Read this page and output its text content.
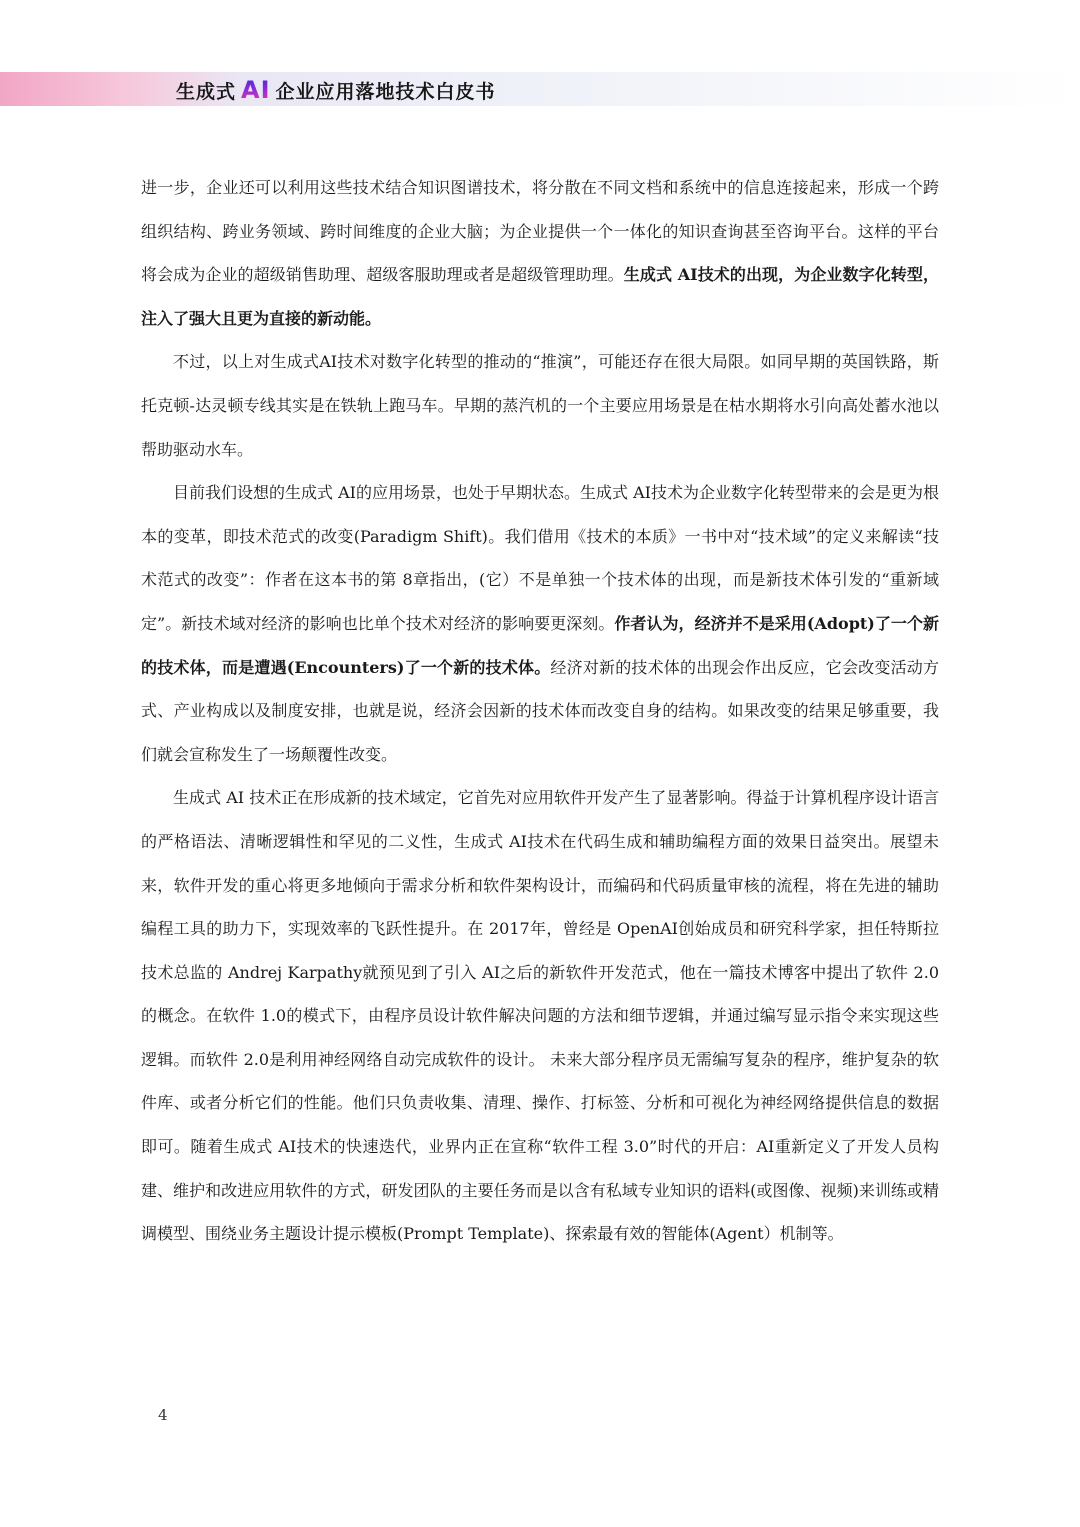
生成式 AI 企业应用落地技术白皮书

进一步，企业还可以利用这些技术结合知识图谱技术，将分散在不同文档和系统中的信息连接起来，形成一个跨组织结构、跨业务领域、跨时间维度的企业大脑；为企业提供一个一体化的知识查询甚至咨询平台。这样的平台将会成为企业的超级销售助理、超级客服助理或者是超级管理助理。生成式 AI技术的出现，为企业数字化转型，注入了强大且更为直接的新动能。

不过，以上对生成式AI技术对数字化转型的推动的“推演”，可能还存在很大局限。如同早期的英国铁路，斯托克顿-达灵顿专线其实是在铁轨上跑马车。早期的蒸汽机的一个主要应用场景是在枯水期将水引向高处蓄水池以帮助驱动水车。

目前我们设想的生成式 AI的应用场景，也处于早期状态。生成式 AI技术为企业数字化转型带来的会是更为根本的变革，即技术范式的改变(Paradigm Shift)。我们借用《技术的本质》一书中对“技术域”的定义来解读“技术范式的改变”：作者在这本书的第 8章指出，(它）不是单独一个技术体的出现，而是新技术体引发的“重新域定”。新技术域对经济的影响也比单个技术对经济的影响要更深刻。作者认为，经济并不是采用(Adopt)了一个新的技术体，而是遭遇(Encounters)了一个新的技术体。经济对新的技术体的出现会作出反应，它会改变活动方式、产业构成以及制度安排，也就是说，经济会因新的技术体而改变自身的结构。如果改变的结果足够重要，我们就会宣称发生了一场颠覆性改变。

生成式 AI 技术正在形成新的技术域定，它首先对应用软件开发产生了显著影响。得益于计算机程序设计语言的严格语法、清晰逻辑性和罕见的二义性，生成式 AI技术在代码生成和辅助编程方面的效果日益突出。展望未来，软件开发的重心将更多地倾向于需求分析和软件架构设计，而编码和代码质量审核的流程，将在先进的辅助编程工具的助力下，实现效率的飞跃性提升。在 2017年，曾经是 OpenAI创始成员和研究科学家，担任特斯拉技术总监的 Andrej Karpathy就预见到了引入 AI之后的新软件开发范式，他在一篇技术博客中提出了软件 2.0的概念。在软件 1.0的模式下，由程序员设计软件解决问题的方法和细节逻辑，并通过编写显示指令来实现这些逻辑。而软件 2.0是利用神经网络自动完成软件的设计。 未来大部分程序员无需编写复杂的程序，维护复杂的软件库、或者分析它们的性能。他们只负责收集、清理、操作、打标签、分析和可视化为神经网络提供信息的数据即可。随着生成式 AI技术的快速迭代，业界内正在宣称“软件工程 3.0”时代的开启：AI重新定义了开发人员构建、维护和改进应用软件的方式，研发团队的主要任务而是以含有私域专业知识的语料(或图像、视频)来训练或精调模型、围绕业务主题设计提示模板(Prompt Template)、探索最有效的智能体(Agent）机制等。

4
